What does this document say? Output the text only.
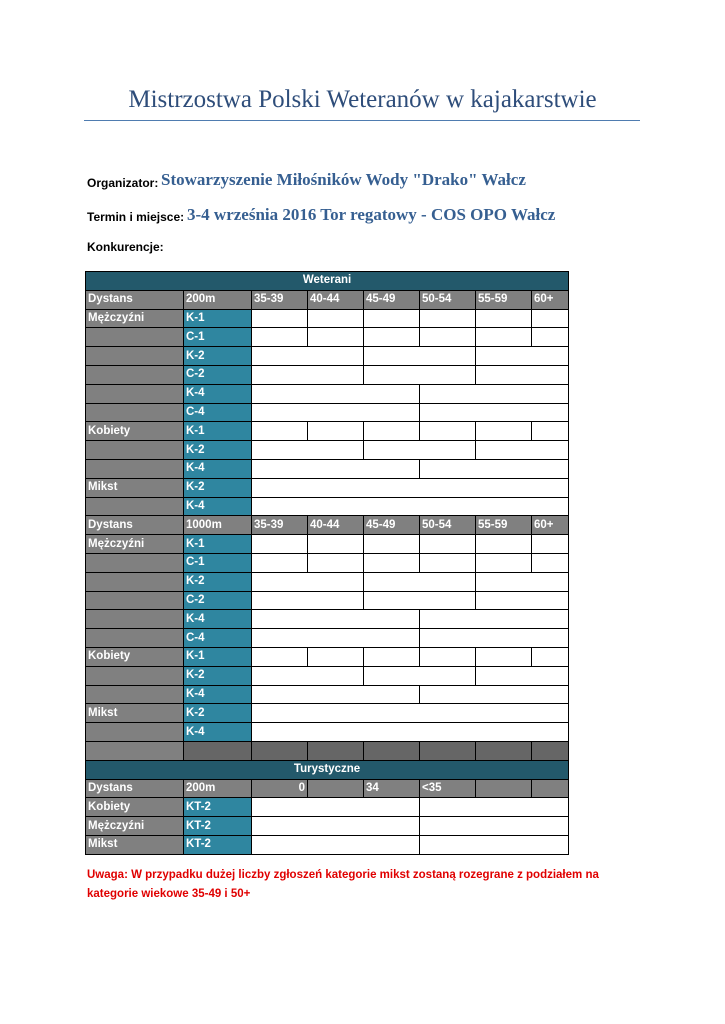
Mistrzostwa Polski Weteranów w kajakarstwie
Organizator: Stowarzyszenie Miłośników Wody "Drako" Wałcz
Termin i miejsce: 3-4 września 2016 Tor regatowy - COS OPO Wałcz
Konkurencje:
Weterani							
Dystans	200m	35-39	40-44	45-49	50-54	55-59	60+
Mężczyźni	K-1	●	●	●	●	●	●
	C-1	●	●	●	●	●	●
	K-2	●		●		●	
	C-2	●		●		●	
	K-4	●			●		
	C-4	●			●		
Kobiety	K-1	●	●	●	●	●	●
	K-2	●		●		●	
	K-4	●			●		
Mikst	K-2	●					
	K-4	●					
Dystans	1000m	35-39	40-44	45-49	50-54	55-59	60+
Mężczyźni	K-1	●	●	●	●	●	●
	C-1	●	●	●	●	●	●
	K-2	●		●		●	
	C-2	●		●		●	
	K-4	●			●		
	C-4	●			●		
Kobiety	K-1	●	●	●	●	●	●
	K-2	●		●		●	
	K-4	●			●		
Mikst	K-2	●					
	K-4	●					

Turystyczne							
Dystans	200m	0		34	<35		
Kobiety	KT-2	●			●		
Mężczyźni	KT-2	●			●		
Mikst	KT-2	●			●		
Uwaga: W przypadku dużej liczby zgłoszeń kategorie mikst zostaną rozegrane z podziałem na kategorie wiekowe 35-49 i 50+
